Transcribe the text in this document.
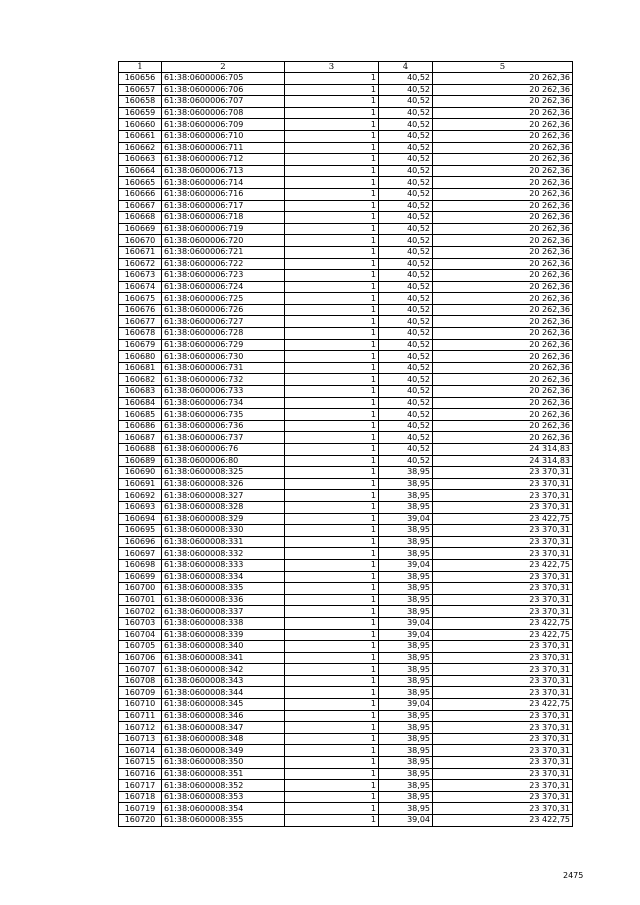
1	2	3	4	5
160656	61:38:0600006:705	1	40,52	20 262,36
160657	61:38:0600006:706	1	40,52	20 262,36
160658	61:38:0600006:707	1	40,52	20 262,36
160659	61:38:0600006:708	1	40,52	20 262,36
160660	61:38:0600006:709	1	40,52	20 262,36
160661	61:38:0600006:710	1	40,52	20 262,36
160662	61:38:0600006:711	1	40,52	20 262,36
160663	61:38:0600006:712	1	40,52	20 262,36
160664	61:38:0600006:713	1	40,52	20 262,36
160665	61:38:0600006:714	1	40,52	20 262,36
160666	61:38:0600006:716	1	40,52	20 262,36
160667	61:38:0600006:717	1	40,52	20 262,36
160668	61:38:0600006:718	1	40,52	20 262,36
160669	61:38:0600006:719	1	40,52	20 262,36
160670	61:38:0600006:720	1	40,52	20 262,36
160671	61:38:0600006:721	1	40,52	20 262,36
160672	61:38:0600006:722	1	40,52	20 262,36
160673	61:38:0600006:723	1	40,52	20 262,36
160674	61:38:0600006:724	1	40,52	20 262,36
160675	61:38:0600006:725	1	40,52	20 262,36
160676	61:38:0600006:726	1	40,52	20 262,36
160677	61:38:0600006:727	1	40,52	20 262,36
160678	61:38:0600006:728	1	40,52	20 262,36
160679	61:38:0600006:729	1	40,52	20 262,36
160680	61:38:0600006:730	1	40,52	20 262,36
160681	61:38:0600006:731	1	40,52	20 262,36
160682	61:38:0600006:732	1	40,52	20 262,36
160683	61:38:0600006:733	1	40,52	20 262,36
160684	61:38:0600006:734	1	40,52	20 262,36
160685	61:38:0600006:735	1	40,52	20 262,36
160686	61:38:0600006:736	1	40,52	20 262,36
160687	61:38:0600006:737	1	40,52	20 262,36
160688	61:38:0600006:76	1	40,52	24 314,83
160689	61:38:0600006:80	1	40,52	24 314,83
160690	61:38:0600008:325	1	38,95	23 370,31
160691	61:38:0600008:326	1	38,95	23 370,31
160692	61:38:0600008:327	1	38,95	23 370,31
160693	61:38:0600008:328	1	38,95	23 370,31
160694	61:38:0600008:329	1	39,04	23 422,75
160695	61:38:0600008:330	1	38,95	23 370,31
160696	61:38:0600008:331	1	38,95	23 370,31
160697	61:38:0600008:332	1	38,95	23 370,31
160698	61:38:0600008:333	1	39,04	23 422,75
160699	61:38:0600008:334	1	38,95	23 370,31
160700	61:38:0600008:335	1	38,95	23 370,31
160701	61:38:0600008:336	1	38,95	23 370,31
160702	61:38:0600008:337	1	38,95	23 370,31
160703	61:38:0600008:338	1	39,04	23 422,75
160704	61:38:0600008:339	1	39,04	23 422,75
160705	61:38:0600008:340	1	38,95	23 370,31
160706	61:38:0600008:341	1	38,95	23 370,31
160707	61:38:0600008:342	1	38,95	23 370,31
160708	61:38:0600008:343	1	38,95	23 370,31
160709	61:38:0600008:344	1	38,95	23 370,31
160710	61:38:0600008:345	1	39,04	23 422,75
160711	61:38:0600008:346	1	38,95	23 370,31
160712	61:38:0600008:347	1	38,95	23 370,31
160713	61:38:0600008:348	1	38,95	23 370,31
160714	61:38:0600008:349	1	38,95	23 370,31
160715	61:38:0600008:350	1	38,95	23 370,31
160716	61:38:0600008:351	1	38,95	23 370,31
160717	61:38:0600008:352	1	38,95	23 370,31
160718	61:38:0600008:353	1	38,95	23 370,31
160719	61:38:0600008:354	1	38,95	23 370,31
160720	61:38:0600008:355	1	39,04	23 422,75
2475
